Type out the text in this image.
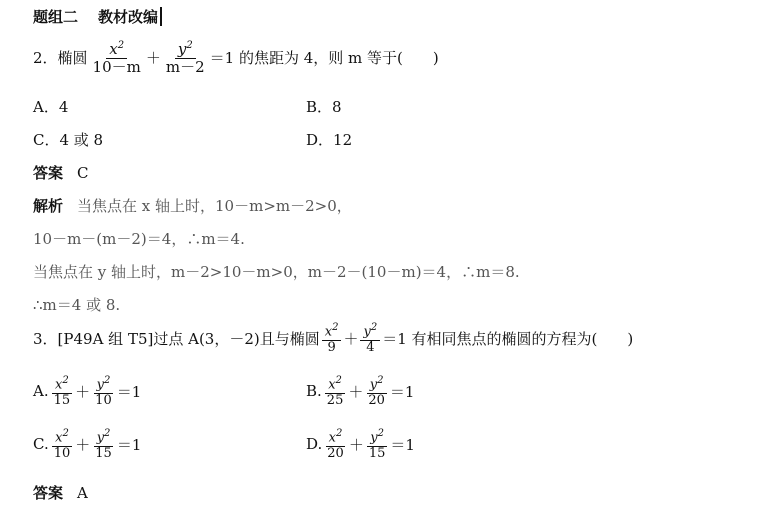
题组二 教材改编
2．椭圆 $\frac{x^2}{10-m} + \frac{y^2}{m-2} =1$ 的焦距为 4，则 m 等于(　　)
A．4	B．8
C．4 或 8	D．12
答案 C
解析 当焦点在 x 轴上时，10－m>m－2>0，
10－m－(m－2)＝4，∴m＝4.
当焦点在 y 轴上时，m－2>10－m>0，m－2－(10－m)＝4，∴m＝8.
∴m＝4 或 8.
3．[P49A 组 T5]过点 A(3，－2)且与椭圆 $\frac{x^2}{9} + \frac{y^2}{4} =1$ 有相同焦点的椭圆的方程为(　　)
A. $\frac{x^2}{15} + \frac{y^2}{10} =1$	B. $\frac{x^2}{25} + \frac{y^2}{20} =1$
C. $\frac{x^2}{10} + \frac{y^2}{15} =1$	D. $\frac{x^2}{20} + \frac{y^2}{15} =1$
答案 A
